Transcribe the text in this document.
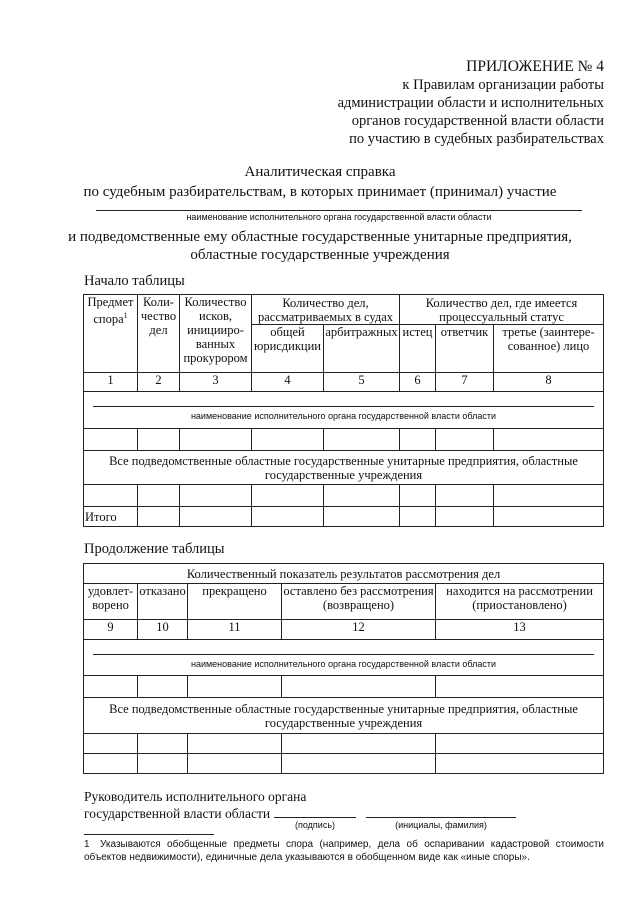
ПРИЛОЖЕНИЕ № 4
к Правилам организации работы
администрации области и исполнительных
органов государственной власти области
по участию в судебных разбирательствах
Аналитическая справка
по судебным разбирательствам, в которых принимает (принимал) участие
наименование исполнительного органа государственной власти области
и подведомственные ему областные государственные унитарные предприятия,
областные государственные учреждения
Начало таблицы
Предмет спора$^1$	Коли-чество дел	Количество исков, иницииро-ванных прокурором	Количество дел, рассматриваемых в судах		Количество дел, где имеется процессуальный статус		
			общей юрисдикции	арбитражных	истец	ответчик	третье (заинтере-сованное) лицо
1	2	3	4	5	6	7	8

наименование исполнительного органа государственной власти области							

Все подведомственные областные государственные унитарные предприятия, областные государственные учреждения							

Итого							
Продолжение таблицы
Количественный показатель результатов рассмотрения дел				
удовлет-ворено	отказано	прекращено	оставлено без рассмотрения (возвращено)	находится на рассмотрении (приостановлено)
9	10	11	12	13

наименование исполнительного органа государственной власти области				

Все подведомственные областные государственные унитарные предприятия, областные государственные учреждения				

Руководитель исполнительного органа
государственной власти области
(подпись)	(инициалы, фамилия)
1 Указываются обобщенные предметы спора (например, дела об оспаривании кадастровой стоимости объектов недвижимости), единичные дела указываются в обобщенном виде как «иные споры».
